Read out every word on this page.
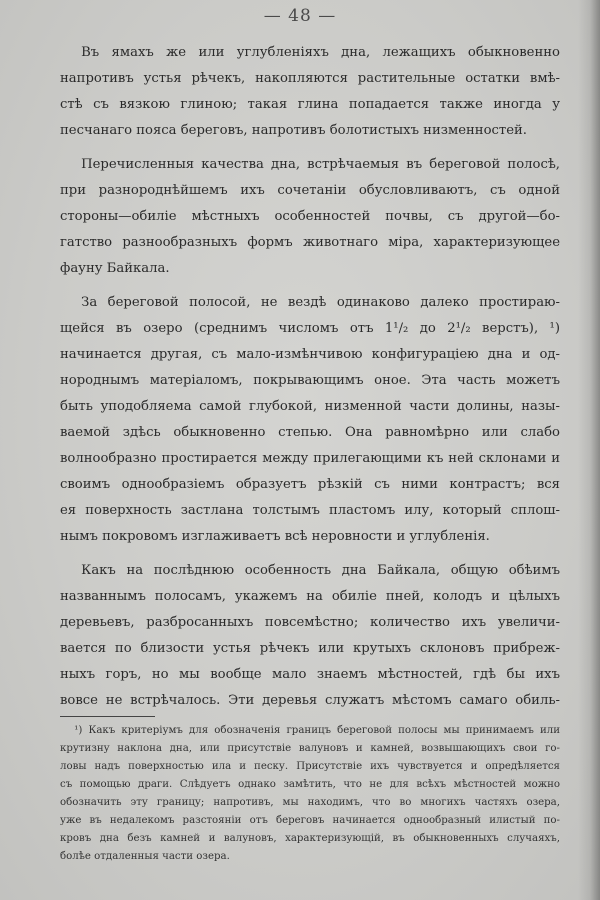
— 48 —

Въ ямахъ же или углубленіяхъ дна, лежащихъ обыкновенно
напротивъ устья рѣчекъ, накопляются растительные остатки вмѣ-
стѣ съ вязкою глиною; такая глина попадается также иногда у
песчанаго пояса береговъ, напротивъ болотистыхъ низменностей.

Перечисленныя качества дна, встрѣчаемыя въ береговой полосѣ,
при разнороднѣйшемъ ихъ сочетаніи обусловливаютъ, съ одной
стороны—обиліе мѣстныхъ особенностей почвы, съ другой—бо-
гатство разнообразныхъ формъ животнаго міра, характеризующее
фауну Байкала.

За береговой полосой, не вездѣ одинаково далеко простираю-
щейся въ озеро (среднимъ числомъ отъ 1¹/₂ до 2¹/₂ верстъ), ¹)
начинается другая, съ мало-измѣнчивою конфигураціею дна и од-
нороднымъ матеріаломъ, покрывающимъ оное. Эта часть можетъ
быть уподобляема самой глубокой, низменной части долины, назы-
ваемой здѣсь обыкновенно степью. Она равномѣрно или слабо
волнообразно простирается между прилегающими къ ней склонами и
своимъ однообразіемъ образуетъ рѣзкій съ ними контрастъ; вся
ея поверхность застлана толстымъ пластомъ илу, который сплош-
нымъ покровомъ изглаживаетъ всѣ неровности и углубленія.

Какъ на послѣднюю особенность дна Байкала, общую обѣимъ
названнымъ полосамъ, укажемъ на обиліе пней, колодъ и цѣлыхъ
деревьевъ, разбросанныхъ повсемѣстно; количество ихъ увеличи-
вается по близости устья рѣчекъ или крутыхъ склоновъ прибреж-
ныхъ горъ, но мы вообще мало знаемъ мѣстностей, гдѣ бы ихъ
вовсе не встрѣчалось. Эти деревья служатъ мѣстомъ самаго обиль-

¹) Какъ критеріумъ для обозначенія границъ береговой полосы мы принимаемъ или
крутизну наклона дна, или присутствіе валуновъ и камней, возвышающихъ свои го-
ловы надъ поверхностью ила и песку. Присутствіе ихъ чувствуется и опредѣляется
съ помощью драги. Слѣдуетъ однако замѣтить, что не для всѣхъ мѣстностей можно
обозначить эту границу; напротивъ, мы находимъ, что во многихъ частяхъ озера,
уже въ недалекомъ разстояніи отъ береговъ начинается однообразный илистый по-
кровъ дна безъ камней и валуновъ, характеризующій, въ обыкновенныхъ случаяхъ,
болѣе отдаленныя части озера.
